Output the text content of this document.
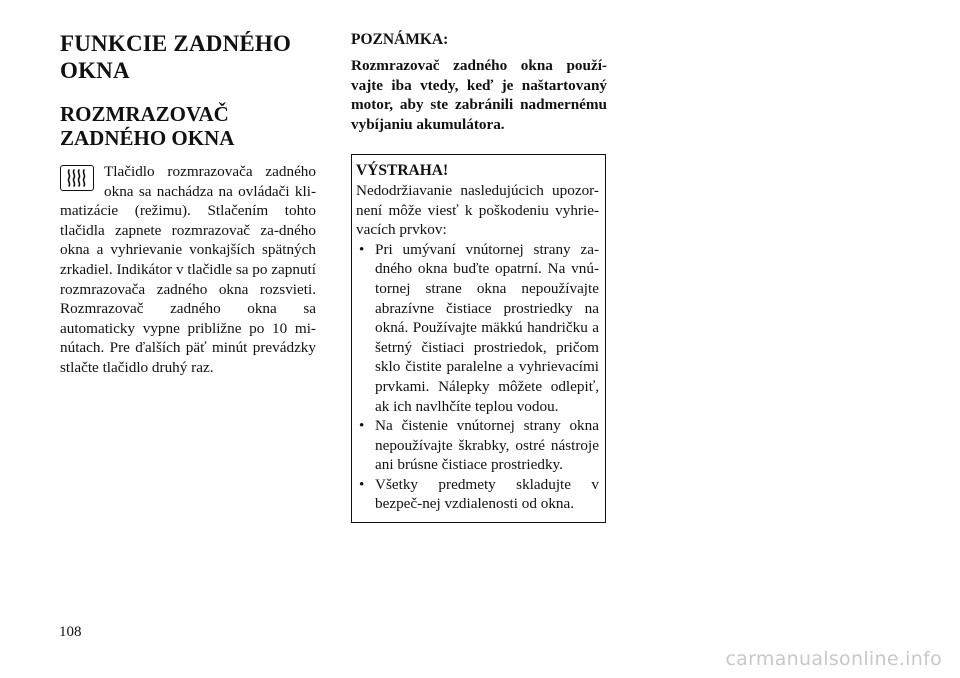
FUNKCIE ZADNÉHO
OKNA
ROZMRAZOVAČ
ZADNÉHO OKNA
Tlačidlo rozmrazovača zadného okna sa nachádza na ovládači kli-matizácie (režimu). Stlačením tohto tlačidla zapnete rozmrazovač za-dného okna a vyhrievanie vonkajších spätných zrkadiel. Indikátor v tlačidle sa po zapnutí rozmrazovača zadného okna rozsvieti. Rozmrazovač zadného okna sa automaticky vypne približne po 10 mi-nútach. Pre ďalších päť minút prevádzky stlačte tlačidlo druhý raz.

POZNÁMKA:

Rozmrazovač zadného okna použí-vajte iba vtedy, keď je naštartovaný motor, aby ste zabránili nadmernému vybíjaniu akumulátora.

VÝSTRAHA!

Nedodržiavanie nasledujúcich upozor-není môže viesť k poškodeniu vyhrie-vacích prvkov:

• Pri umývaní vnútornej strany za-dného okna buďte opatrní. Na vnú-tornej strane okna nepoužívajte abrazívne čistiace prostriedky na okná. Používajte mäkkú handričku a šetrný čistiaci prostriedok, pričom sklo čistite paralelne a vyhrievacími prvkami. Nálepky môžete odlepiť, ak ich navlhčíte teplou vodou.
• Na čistenie vnútornej strany okna nepoužívajte škrabky, ostré nástroje ani brúsne čistiace prostriedky.
• Všetky predmety skladujte v bezpeč-nej vzdialenosti od okna.
108
carmanualsonline.info
